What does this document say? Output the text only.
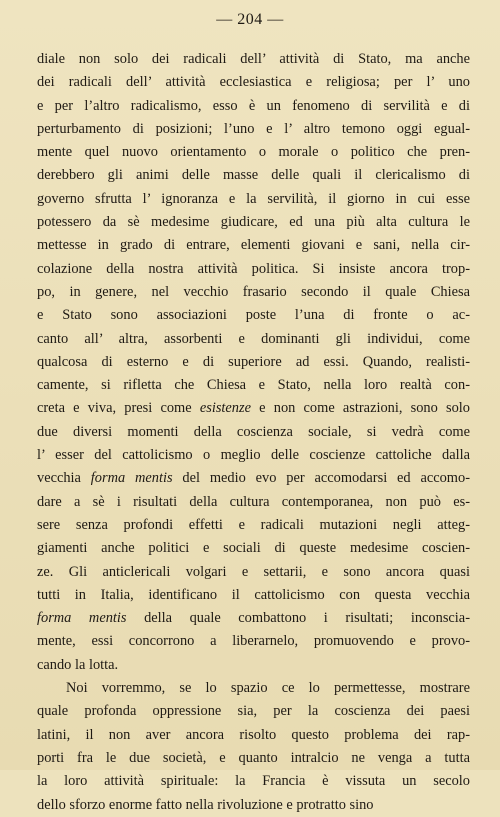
— 204 —
diale non solo dei radicali dell’ attività di Stato, ma anche
dei radicali dell’ attività ecclesiastica e religiosa; per l’ uno
e per l’altro radicalismo, esso è un fenomeno di servilità e di
perturbamento di posizioni; l’uno e l’ altro temono oggi egual-
mente quel nuovo orientamento o morale o politico che pren-
derebbero gli animi delle masse delle quali il clericalismo di
governo sfrutta l’ ignoranza e la servilità, il giorno in cui esse
potessero da sè medesime giudicare, ed una più alta cultura le
mettesse in grado di entrare, elementi giovani e sani, nella cir-
colazione della nostra attività politica. Si insiste ancora trop-
po, in genere, nel vecchio frasario secondo il quale Chiesa
e Stato sono associazioni poste l’una di fronte o ac-
canto all’ altra, assorbenti e dominanti gli individui, come
qualcosa di esterno e di superiore ad essi. Quando, realisti-
camente, si rifletta che Chiesa e Stato, nella loro realtà con-
creta e viva, presi come esistenze e non come astrazioni, sono solo
due diversi momenti della coscienza sociale, si vedrà come
l’ esser del cattolicismo o meglio delle coscienze cattoliche dalla
vecchia forma mentis del medio evo per accomodarsi ed accomo-
dare a sè i risultati della cultura contemporanea, non può es-
sere senza profondi effetti e radicali mutazioni negli atteg-
giamenti anche politici e sociali di queste medesime coscien-
ze. Gli anticlericali volgari e settarii, e sono ancora quasi
tutti in Italia, identificano il cattolicismo con questa vecchia
forma mentis della quale combattono i risultati; inconscia-
mente, essi concorrono a liberarnelo, promuovendo e provo-
cando la lotta.
Noi vorremmo, se lo spazio ce lo permettesse, mostrare
quale profonda oppressione sia, per la coscienza dei paesi
latini, il non aver ancora risolto questo problema dei rap-
porti fra le due società, e quanto intralcio ne venga a tutta
la loro attività spirituale: la Francia è vissuta un secolo
dello sforzo enorme fatto nella rivoluzione e protratto sino
